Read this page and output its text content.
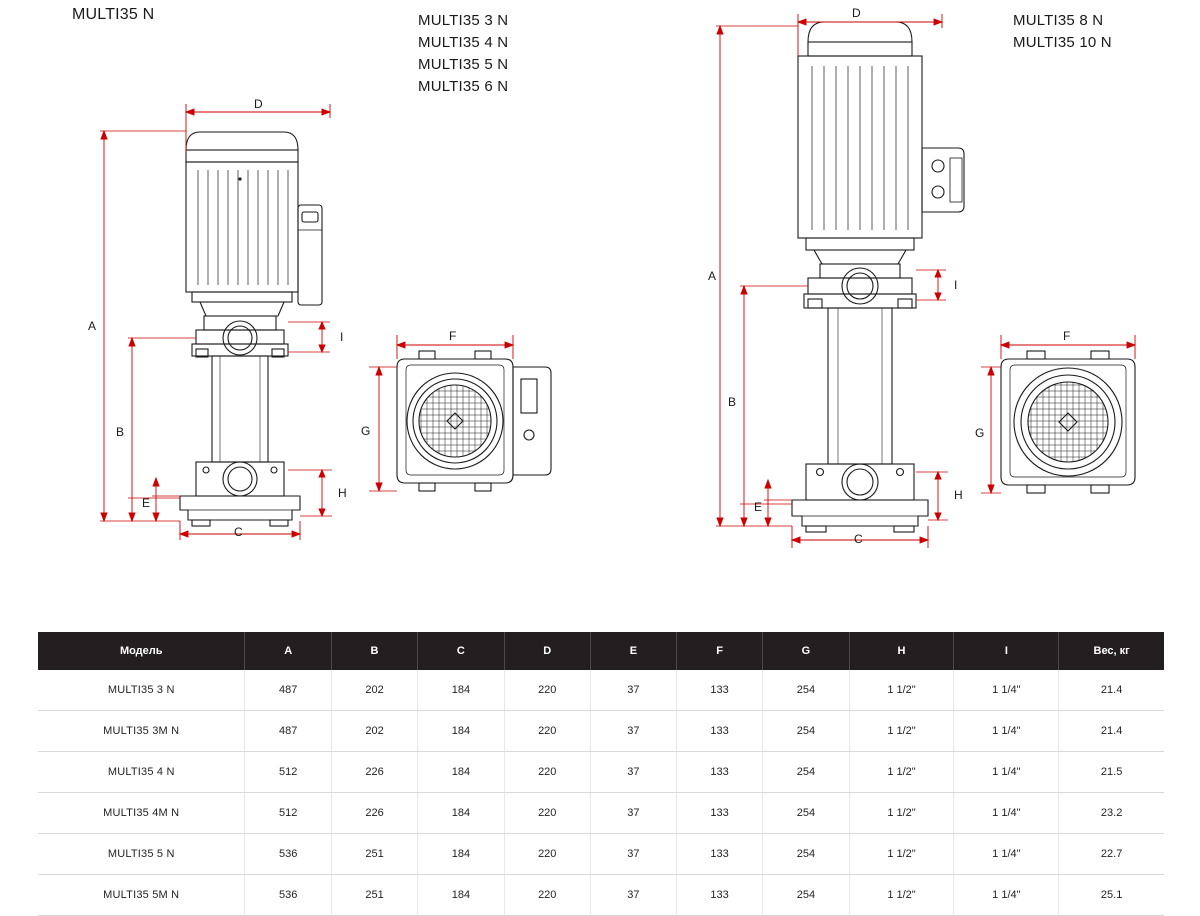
MULTI35 N	MULTI35 3 N
MULTI35 4 N
MULTI35 5 N
MULTI35 6 N
MULTI35 8 N
MULTI35 10 N
D
A
B
E
C
I
H
F
G
D
A
B
E
C
I
H
F
G
Модель	A	B	C	D	E	F	G	H	I	Вес, кг
MULTI35 3 N	487	202	184	220	37	133	254	1 1/2"	1 1/4"	21.4
MULTI35 3M N	487	202	184	220	37	133	254	1 1/2"	1 1/4"	21.4
MULTI35 4 N	512	226	184	220	37	133	254	1 1/2"	1 1/4"	21.5
MULTI35 4M N	512	226	184	220	37	133	254	1 1/2"	1 1/4"	23.2
MULTI35 5 N	536	251	184	220	37	133	254	1 1/2"	1 1/4"	22.7
MULTI35 5M N	536	251	184	220	37	133	254	1 1/2"	1 1/4"	25.1
